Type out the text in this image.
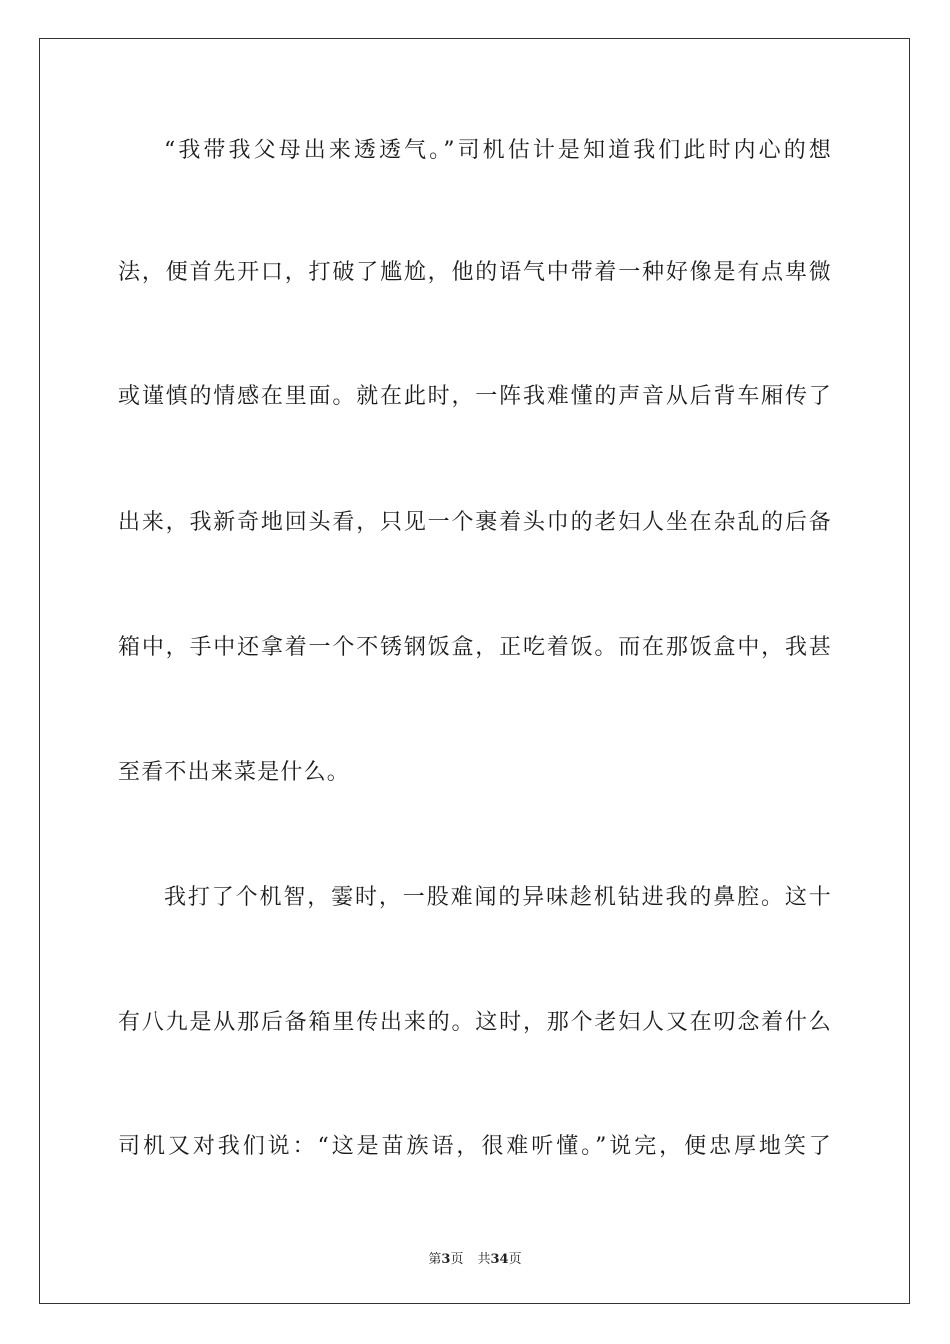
“我带我父母出来透透气。”司机估计是知道我们此时内心的想
法，便首先开口，打破了尴尬，他的语气中带着一种好像是有点卑微
或谨慎的情感在里面。就在此时，一阵我难懂的声音从后背车厢传了
出来，我新奇地回头看，只见一个裹着头巾的老妇人坐在杂乱的后备
箱中，手中还拿着一个不锈钢饭盒，正吃着饭。而在那饭盒中，我甚
至看不出来菜是什么。
我打了个机智，霎时，一股难闻的异味趁机钻进我的鼻腔。这十
有八九是从那后备箱里传出来的。这时，那个老妇人又在叨念着什么
司机又对我们说：“这是苗族语，很难听懂。”说完，便忠厚地笑了
第3页 共34页
